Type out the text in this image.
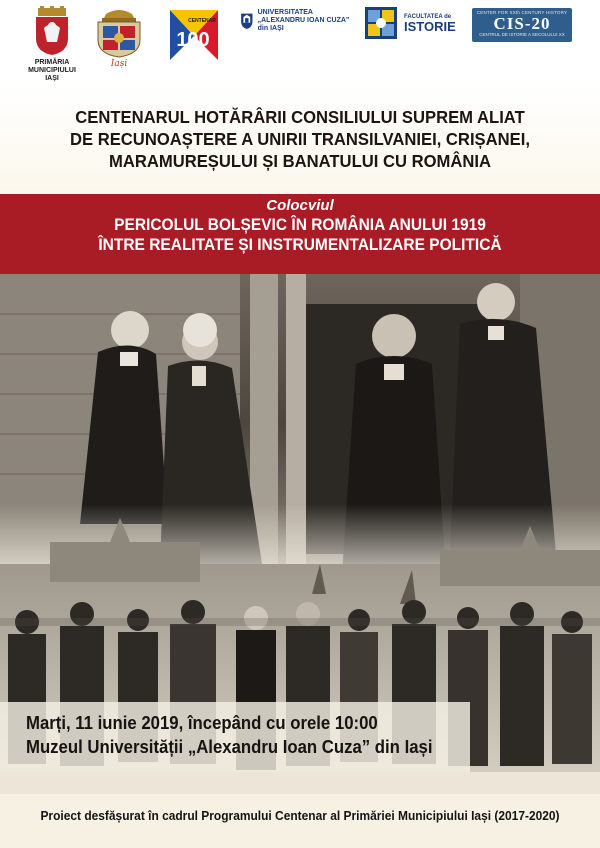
PRIMĂRIA MUNICIPIULUI IAȘI
Iași
100
CENTENAR
IAȘI
UNIVERSITATEA „ALEXANDRU IOAN CUZA” din IAȘI
FACULTATEA de
ISTORIE
CENTER FOR XXth CENTURY HISTORY
CIS-20
CENTRUL DE ISTORIE A SECOLULUI XX
CENTENARUL HOTĂRÂRII CONSILIULUI SUPREM ALIAT
DE RECUNOAȘTERE A UNIRII TRANSILVANIEI, CRIȘANEI,
MARAMUREȘULUI ȘI BANATULUI CU ROMÂNIA
Colocviul
PERICOLUL BOLȘEVIC ÎN ROMÂNIA ANULUI 1919
ÎNTRE REALITATE ȘI INSTRUMENTALIZARE POLITICĂ
Marți, 11 iunie 2019, începând cu orele 10:00
Muzeul Universității „Alexandru Ioan Cuza” din Iași
Proiect desfășurat în cadrul Programului Centenar al Primăriei Municipiului Iași (2017-2020)
